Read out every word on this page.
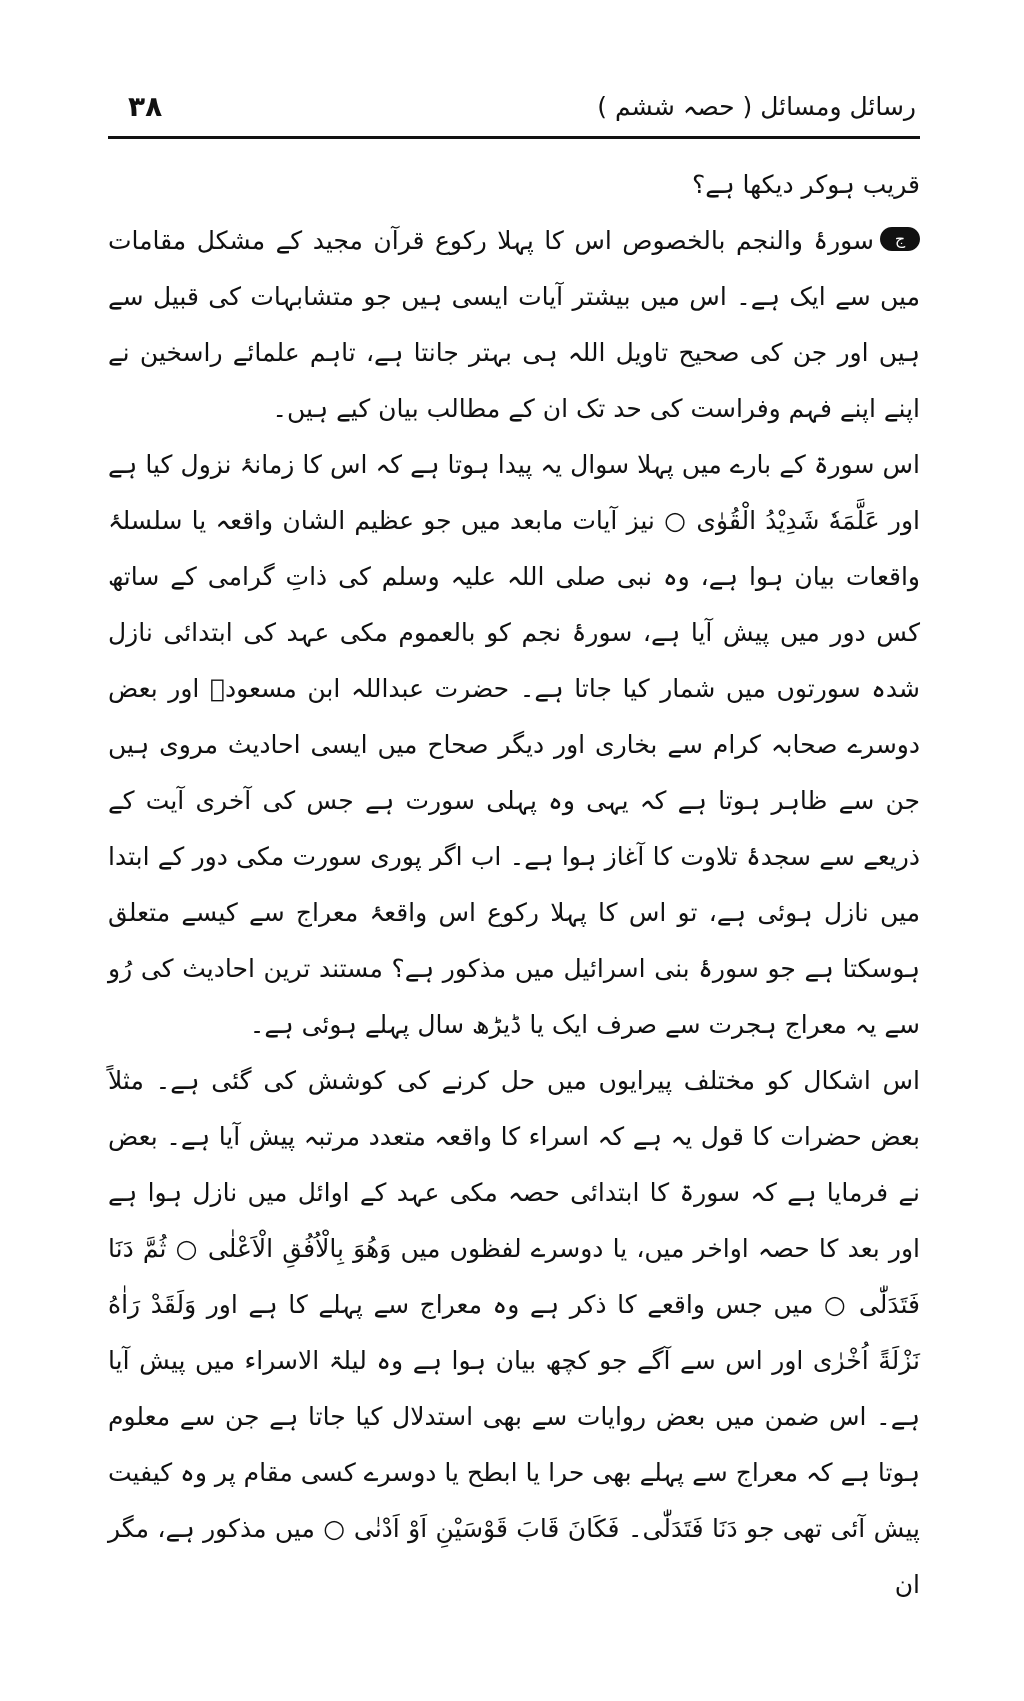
رسائل ومسائل ( حصہ ششم )
۳۸

قریب ہوکر دیکھا ہے؟

جسورۂ والنجم بالخصوص اس کا پہلا رکوع قرآن مجید کے مشکل مقامات میں سے ایک ہے۔ اس میں بیشتر آیات ایسی ہیں جو متشابہات کی قبیل سے ہیں اور جن کی صحیح تاویل اللہ ہی بہتر جانتا ہے، تاہم علمائے راسخین نے اپنے اپنے فہم وفراست کی حد تک ان کے مطالب بیان کیے ہیں۔

اس سورۃ کے بارے میں پہلا سوال یہ پیدا ہوتا ہے کہ اس کا زمانۂ نزول کیا ہے اور عَلَّمَهٗ شَدِيْدُ الْقُوٰى ○ نیز آیات مابعد میں جو عظیم الشان واقعہ یا سلسلۂ واقعات بیان ہوا ہے، وہ نبی صلی اللہ علیہ وسلم کی ذاتِ گرامی کے ساتھ کس دور میں پیش آیا ہے، سورۂ نجم کو بالعموم مکی عہد کی ابتدائی نازل شدہ سورتوں میں شمار کیا جاتا ہے۔ حضرت عبداللہ ابن مسعودؓ اور بعض دوسرے صحابہ کرام سے بخاری اور دیگر صحاح میں ایسی احادیث مروی ہیں جن سے ظاہر ہوتا ہے کہ یہی وہ پہلی سورت ہے جس کی آخری آیت کے ذریعے سے سجدۂ تلاوت کا آغاز ہوا ہے۔ اب اگر پوری سورت مکی دور کے ابتدا میں نازل ہوئی ہے، تو اس کا پہلا رکوع اس واقعۂ معراج سے کیسے متعلق ہوسکتا ہے جو سورۂ بنی اسرائیل میں مذکور ہے؟ مستند ترین احادیث کی رُو سے یہ معراج ہجرت سے صرف ایک یا ڈیڑھ سال پہلے ہوئی ہے۔

اس اشکال کو مختلف پیرایوں میں حل کرنے کی کوشش کی گئی ہے۔ مثلاً بعض حضرات کا قول یہ ہے کہ اسراء کا واقعہ متعدد مرتبہ پیش آیا ہے۔ بعض نے فرمایا ہے کہ سورۃ کا ابتدائی حصہ مکی عہد کے اوائل میں نازل ہوا ہے اور بعد کا حصہ اواخر میں، یا دوسرے لفظوں میں وَهُوَ بِالْاُفُقِ الْاَعْلٰى ○ ثُمَّ دَنَا فَتَدَلّٰى ○ میں جس واقعے کا ذکر ہے وہ معراج سے پہلے کا ہے اور وَلَقَدْ رَاٰهُ نَزْلَةً اُخْرٰى اور اس سے آگے جو کچھ بیان ہوا ہے وہ لیلۃ الاسراء میں پیش آیا ہے۔ اس ضمن میں بعض روایات سے بھی استدلال کیا جاتا ہے جن سے معلوم ہوتا ہے کہ معراج سے پہلے بھی حرا یا ابطح یا دوسرے کسی مقام پر وہ کیفیت پیش آئی تھی جو دَنَا فَتَدَلّٰى۔ فَكَانَ قَابَ قَوْسَيْنِ اَوْ اَدْنٰى ○ میں مذکور ہے، مگر ان
